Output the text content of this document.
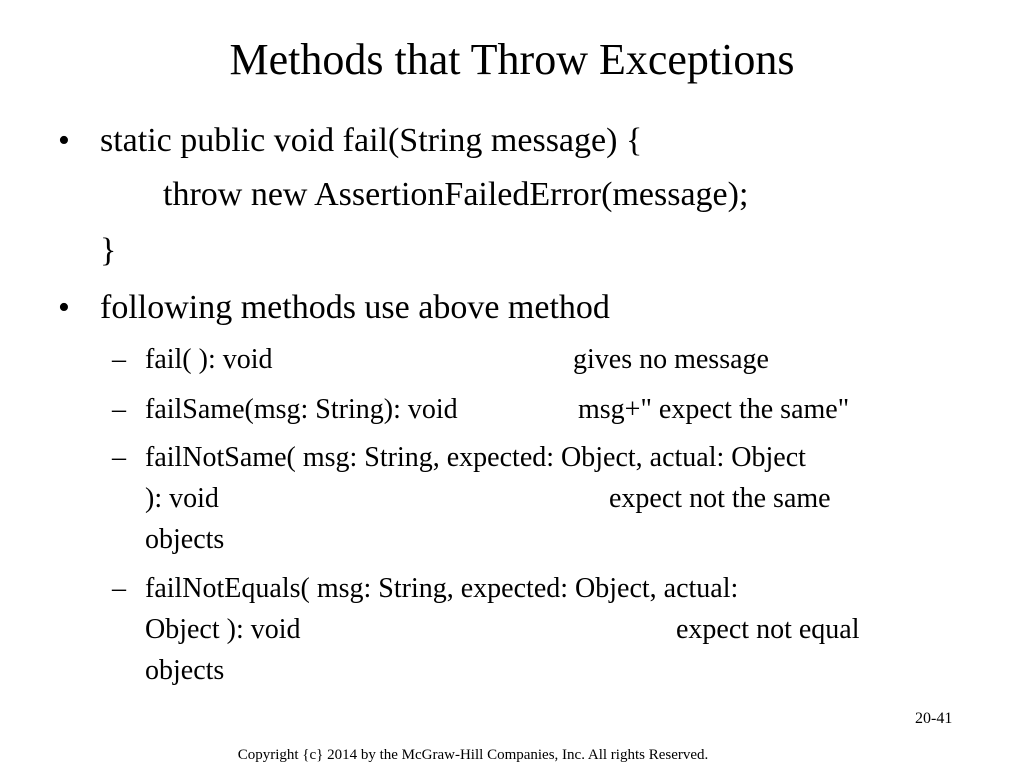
Methods that Throw Exceptions
• static public void fail(String message) {
throw new AssertionFailedError(message);
}
• following methods use above method
– fail( ): void	gives no message
– failSame(msg: String): void	msg+" expect the same"
– failNotSame( msg: String, expected: Object, actual: Object
): void	expect not the same
objects
– failNotEquals( msg: String, expected: Object, actual:
Object ): void	expect not equal
objects
20-41
Copyright {c} 2014 by the McGraw-Hill Companies, Inc. All rights Reserved.
